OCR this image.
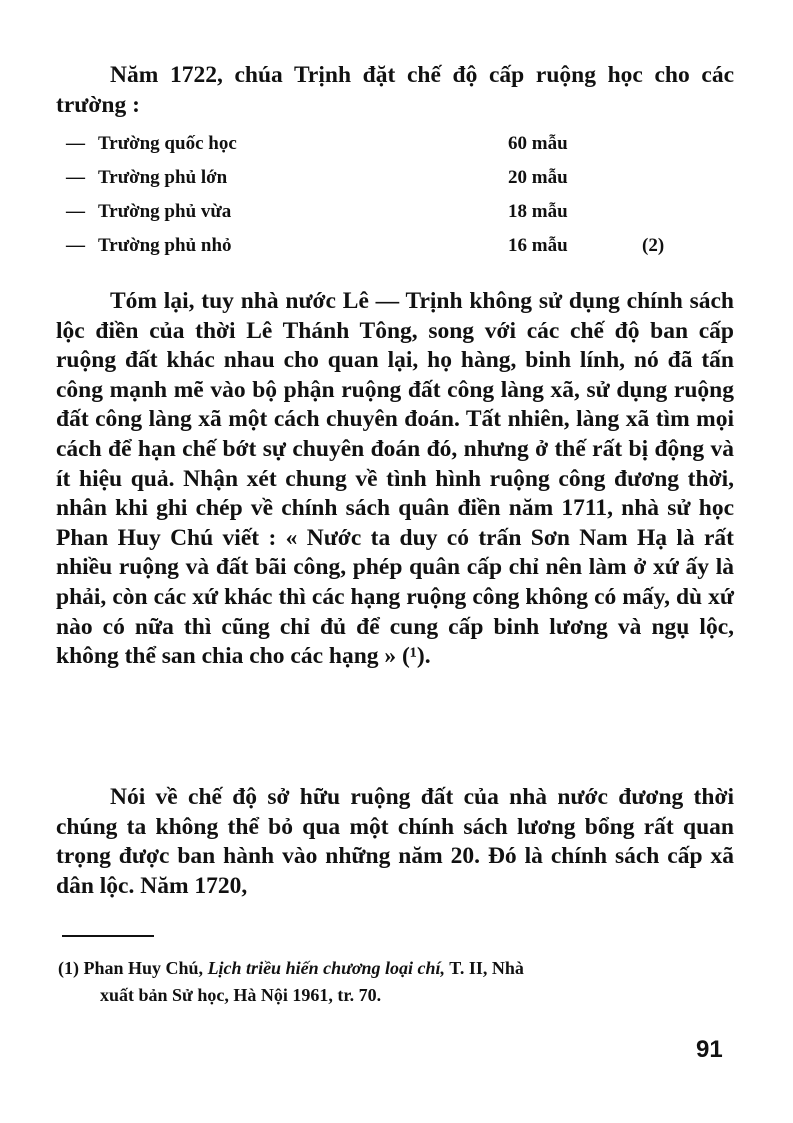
Năm 1722, chúa Trịnh đặt chế độ cấp ruộng học cho các trường :

— Trường quốc học	60 mẫu
— Trường phủ lớn	20 mẫu
— Trường phủ vừa	18 mẫu
— Trường phủ nhỏ	16 mẫu	(2)

Tóm lại, tuy nhà nước Lê — Trịnh không sử dụng chính sách lộc điền của thời Lê Thánh Tông, song với các chế độ ban cấp ruộng đất khác nhau cho quan lại, họ hàng, binh lính, nó đã tấn công mạnh mẽ vào bộ phận ruộng đất công làng xã, sử dụng ruộng đất công làng xã một cách chuyên đoán. Tất nhiên, làng xã tìm mọi cách để hạn chế bớt sự chuyên đoán đó, nhưng ở thế rất bị động và ít hiệu quả. Nhận xét chung về tình hình ruộng công đương thời, nhân khi ghi chép về chính sách quân điền năm 1711, nhà sử học Phan Huy Chú viết : « Nước ta duy có trấn Sơn Nam Hạ là rất nhiều ruộng và đất bãi công, phép quân cấp chỉ nên làm ở xứ ấy là phải, còn các xứ khác thì các hạng ruộng công không có mấy, dù xứ nào có nữa thì cũng chỉ đủ để cung cấp binh lương và ngụ lộc, không thể san chia cho các hạng » (¹).

Nói về chế độ sở hữu ruộng đất của nhà nước đương thời chúng ta không thể bỏ qua một chính sách lương bổng rất quan trọng được ban hành vào những năm 20. Đó là chính sách cấp xã dân lộc. Năm 1720,

(1) Phan Huy Chú, Lịch triều hiến chương loại chí, T. II, Nhà
xuất bản Sử học, Hà Nội 1961, tr. 70.
91
